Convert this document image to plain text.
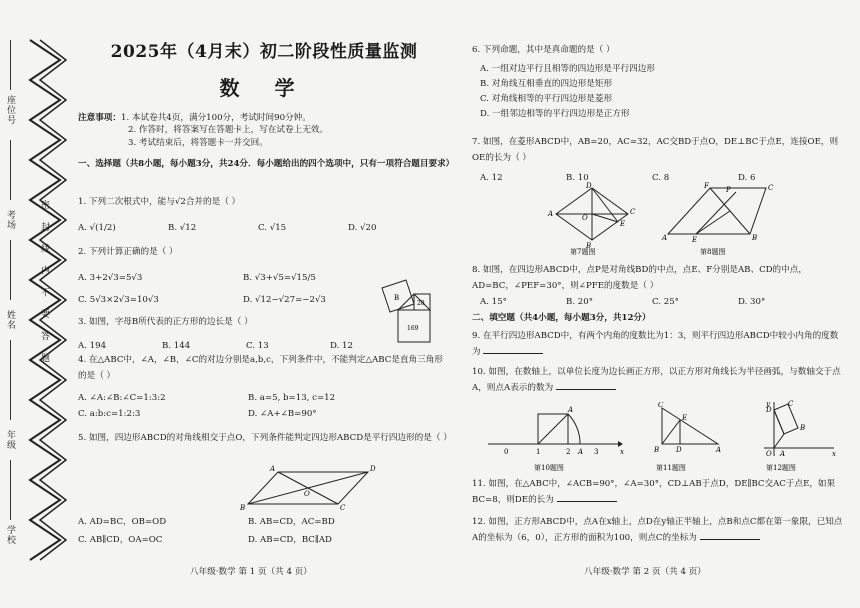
座位号
考场
姓名
年级
学校
密 封 线 内 不 要 答 题
2025年（4月末）初二阶段性质量监测
数 学
注意事项：1. 本试卷共4页，满分100分，考试时间90分钟。
2. 作答时，将答案写在答题卡上，写在试卷上无效。
3. 考试结束后，将答题卡一并交回。
一、选择题（共8小题，每小题3分，共24分．每小题给出的四个选项中，只有一项符合题目要求）
1. 下列二次根式中，能与√2合并的是（ ）
A. √(1/2)	B. √12	C. √15	D. √20
2. 下列计算正确的是（ ）
A. 3+2√3=5√3	B. √3+√5=√15/5
C. 5√3×2√3=10√3	D. √12−√27=−2√3	B
28
169
3. 如图，字母B所代表的正方形的边长是（ ）
A. 194	B. 144	C. 13	D. 12
4. 在△ABC中，∠A，∠B，∠C的对边分别是a,b,c，下列条件中，不能判定△ABC是直角三角形的是（ ）
A. ∠A:∠B:∠C=1:3:2	B. a=5, b=13, c=12
C. a:b:c=1:2:3	D. ∠A+∠B=90°
5. 如图，四边形ABCD的对角线相交于点O，下列条件能判定四边形ABCD是平行四边形的是（ ）
A
B	C
D
O
A. AD=BC，OB=OD	B. AB=CD，AC=BD
C. AB∥CD，OA=OC	D. AB=CD，BC∥AD
八年级·数学 第 1 页（共 4 页）
6. 下列命题，其中是真命题的是（ ）
A. 一组对边平行且相等的四边形是平行四边形
B. 对角线互相垂直的四边形是矩形
C. 对角线相等的平行四边形是菱形
D. 一组邻边相等的平行四边形是正方形
7. 如图，在菱形ABCD中，AB=20，AC=32，AC交BD于点O，DE⊥BC于点E，连接OE，则OE的长为（ ）
A. 12	B. 10	C. 8	D. 6
D
A	C
E
B
O
第7题图
F P	C
A	E	B
第8题图
8. 如图，在四边形ABCD中，点P是对角线BD的中点，点E、F分别是AB、CD的中点，AD=BC，∠PEF=30°，则∠PFE的度数是（ ）
A. 15°	B. 20°	C. 25°	D. 30°
二、填空题（共4小题，每小题3分，共12分）
9. 在平行四边形ABCD中，有两个内角的度数比为1：3，则平行四边形ABCD中较小内角的度数为
10. 如图，在数轴上，以单位长度为边长画正方形，以正方形对角线长为半径画弧，与数轴交于点A，则点A表示的数为
0	1	2 A 3
A
x
第10题图
C
E
B D	A
第11题图
y
x
O
B
C
A
D
第12题图
11. 如图，在△ABC中，∠ACB=90°，∠A=30°，CD⊥AB于点D，DE∥BC交AC于点E，如果BC=8，则DE的长为
12. 如图，正方形ABCD中，点A在x轴上，点D在y轴正半轴上，点B和点C都在第一象限，已知点A的坐标为（6，0），正方形的面积为100，则点C的坐标为
八年级·数学 第 2 页（共 4 页）
